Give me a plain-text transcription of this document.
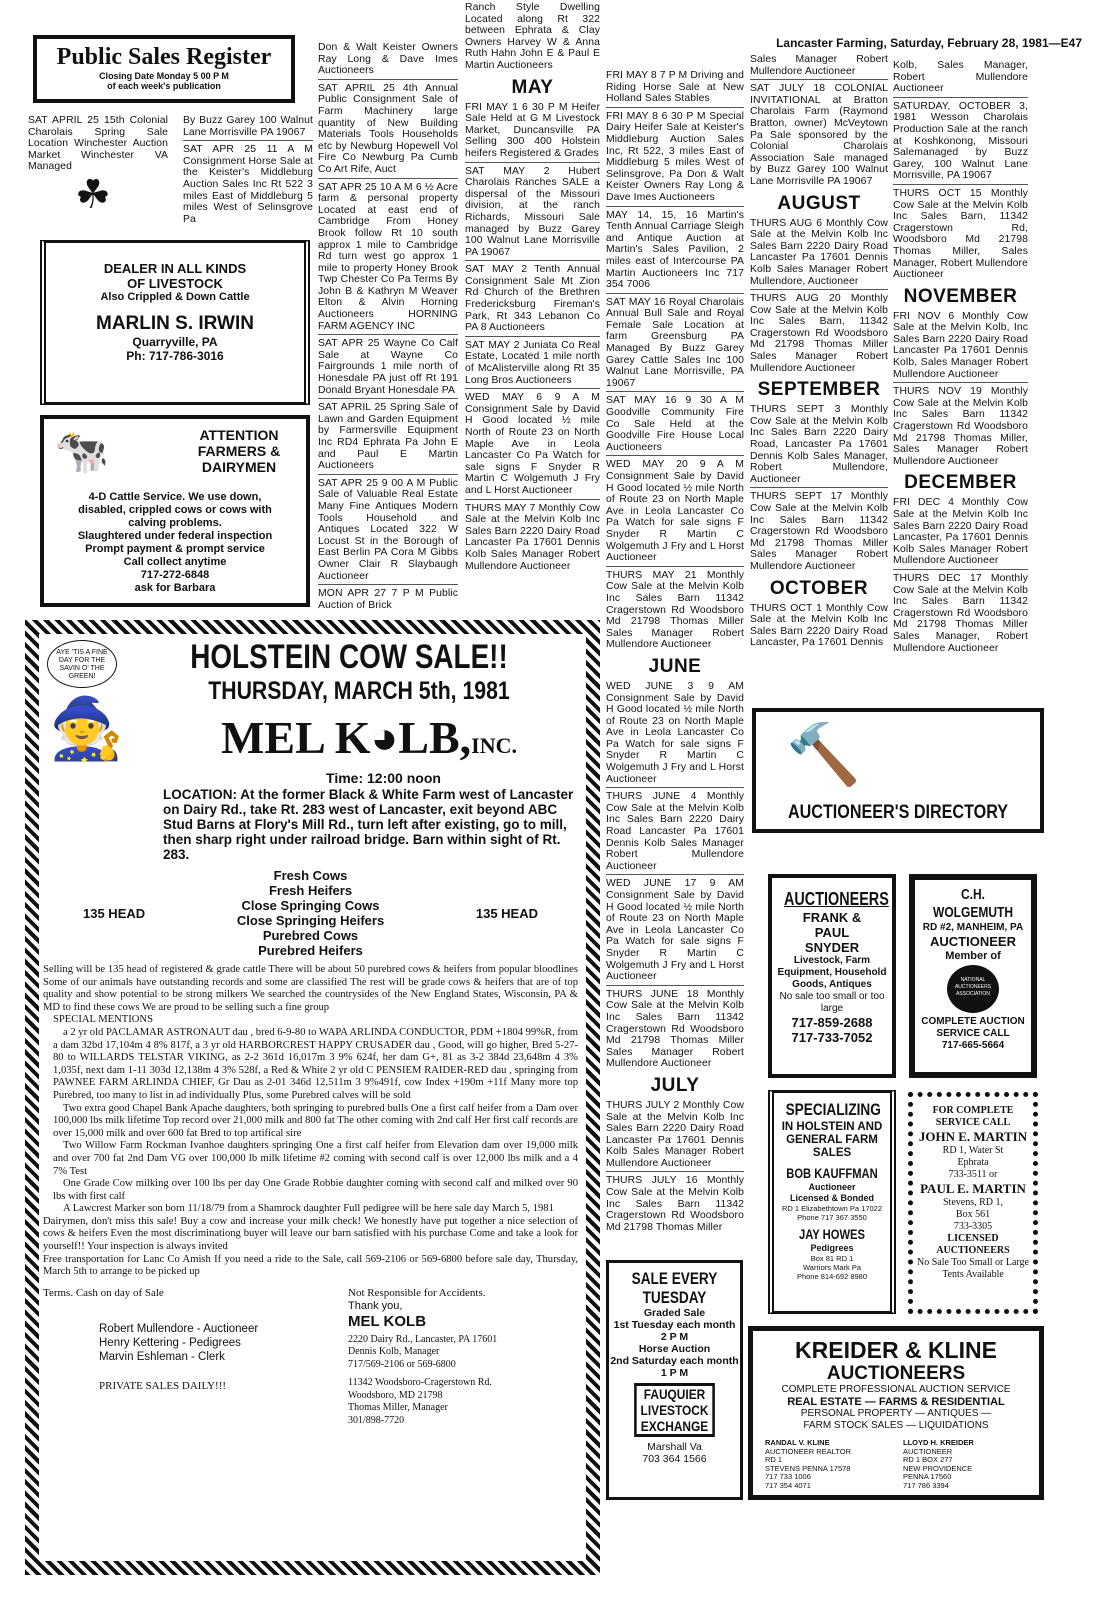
Lancaster Farming, Saturday, February 28, 1981—E47
Public Sales Register
Closing Date Monday 5 00 P M
of each week's publication

SAT APRIL 25 15th Colonial Charolais Spring Sale Location Winchester Auction Market Winchester VA Managed

By Buzz Garey 100 Walnut Lane Morrisville PA 19067

SAT APR 25 11 A M Consignment Horse Sale at the Keister's Middleburg Auction Sales Inc Rt 522 3 miles East of Middleburg 5 miles West of Selinsgrove Pa

☘
DEALER IN ALL KINDS
OF LIVESTOCK
Also Crippled & Down Cattle
MARLIN S. IRWIN
Quarryville, PA
Ph: 717-786-3016
🐄	ATTENTION
FARMERS &
DAIRYMEN
4-D Cattle Service. We use down,
disabled, crippled cows or cows with
calving problems.
Slaughtered under federal inspection
Prompt payment & prompt service
Call collect anytime
717-272-6848
ask for Barbara

Don & Walt Keister Owners Ray Long & Dave Imes Auctioneers

SAT APRIL 25 4th Annual Public Consignment Sale of Farm Machinery large quantity of New Building Materials Tools Households etc by Newburg Hopewell Vol Fire Co Newburg Pa Cumb Co Art Rife, Auct

SAT APR 25 10 A M 6 ½ Acre farm & personal property Located at east end of Cambridge From Honey Brook follow Rt 10 south approx 1 mile to Cambridge Rd turn west go approx 1 mile to property Honey Brook Twp Chester Co Pa Terms By John B & Kathryn M Weaver Elton & Alvin Horning Auctioneers HORNING FARM AGENCY INC

SAT APR 25 Wayne Co Calf Sale at Wayne Co Fairgrounds 1 mile north of Honesdale PA just off Rt 191 Donald Bryant Honesdale PA

SAT APRIL 25 Spring Sale of Lawn and Garden Equipment by Farmersville Equipment Inc RD4 Ephrata Pa John E and Paul E Martin Auctioneers

SAT APR 25 9 00 A M Public Sale of Valuable Real Estate Many Fine Antiques Modern Tools Household and Antiques Located 322 W Locust St in the Borough of East Berlin PA Cora M Gibbs Owner Clair R Slaybaugh Auctioneer

MON APR 27 7 P M Public Auction of Brick

Ranch Style Dwelling Located along Rt 322 between Ephrata & Clay Owners Harvey W & Anna Ruth Hahn John E & Paul E Martin Auctioneers

MAY

FRI MAY 1 6 30 P M Heifer Sale Held at G M Livestock Market, Duncansville PA Selling 300 400 Holstein heifers Registered & Grades

SAT MAY 2 Hubert Charolais Ranches SALE a dispersal of the Missouri division, at the ranch Richards, Missouri Sale managed by Buzz Garey 100 Walnut Lane Morrisville PA 19067

SAT MAY 2 Tenth Annual Consignment Sale Mt Zion Rd Church of the Brethren Fredericksburg Fireman's Park, Rt 343 Lebanon Co PA 8 Auctioneers

SAT MAY 2 Juniata Co Real Estate, Located 1 mile north of McAlisterville along Rt 35 Long Bros Auctioneers

WED MAY 6 9 A M Consignment Sale by David H Good located ½ mile North of Route 23 on North Maple Ave in Leola Lancaster Co Pa Watch for sale signs F Snyder R Martin C Wolgemuth J Fry and L Horst Auctioneer

THURS MAY 7 Monthly Cow Sale at the Melvin Kolb Inc Sales Barn 2220 Dairy Road Lancaster Pa 17601 Dennis Kolb Sales Manager Robert Mullendore Auctioneer

FRI MAY 8 7 P M Driving and Riding Horse Sale at New Holland Sales Stables

FRI MAY 8 6 30 P M Special Dairy Heifer Sale at Keister's Middleburg Auction Sales Inc, Rt 522, 3 miles East of Middleburg 5 miles West of Selinsgrove, Pa Don & Walt Keister Owners Ray Long & Dave Imes Auctioneers

MAY 14, 15, 16 Martin's Tenth Annual Carriage Sleigh and Antique Auction at Martin's Sales Pavilion, 2 miles east of Intercourse PA Martin Auctioneers Inc 717 354 7006

SAT MAY 16 Royal Charolais Annual Bull Sale and Royal Female Sale Location at farm Greensburg PA Managed By Buzz Garey Garey Cattle Sales Inc 100 Walnut Lane Morrisville, PA 19067

SAT MAY 16 9 30 A M Goodville Community Fire Co Sale Held at the Goodville Fire House Local Auctioneers

WED MAY 20 9 A M Consignment Sale by David H Good located ½ mile North of Route 23 on North Maple Ave in Leola Lancaster Co Pa Watch for sale signs F Snyder R Martin C Wolgemuth J Fry and L Horst Auctioneer

THURS MAY 21 Monthly Cow Sale at the Melvin Kolb Inc Sales Barn 11342 Cragerstown Rd Woodsboro Md 21798 Thomas Miller Sales Manager Robert Mullendore Auctioneer

JUNE

WED JUNE 3 9 AM Consignment Sale by David H Good located ½ mile North of Route 23 on North Maple Ave in Leola Lancaster Co Pa Watch for sale signs F Snyder R Martin C Wolgemuth J Fry and L Horst Auctioneer

THURS JUNE 4 Monthly Cow Sale at the Melvin Kolb Inc Sales Barn 2220 Dairy Road Lancaster Pa 17601 Dennis Kolb Sales Manager Robert Mullendore Auctioneer

WED JUNE 17 9 AM Consignment Sale by David H Good located ½ mile North of Route 23 on North Maple Ave in Leola Lancaster Co Pa Watch for sale signs F Snyder R Martin C Wolgemuth J Fry and L Horst Auctioneer

THURS JUNE 18 Monthly Cow Sale at the Melvin Kolb Inc Sales Barn 11342 Cragerstown Rd Woodsboro Md 21798 Thomas Miller Sales Manager Robert Mullendore Auctioneer

JULY

THURS JULY 2 Monthly Cow Sale at the Melvin Kolb Inc Sales Barn 2220 Dairy Road Lancaster Pa 17601 Dennis Kolb Sales Manager Robert Mullendore Auctioneer

THURS JULY 16 Monthly Cow Sale at the Melvin Kolb Inc Sales Barn 11342 Cragerstown Rd Woodsboro Md 21798 Thomas Miller

Sales Manager Robert Mullendore Auctioneer

SAT JULY 18 COLONIAL INVITATIONAL at Bratton Charolais Farm (Raymond Bratton, owner) McVeytown Pa Sale sponsored by the Colonial Charolais Association Sale managed by Buzz Garey 100 Walnut Lane Morrisville PA 19067

AUGUST

THURS AUG 6 Monthly Cow Sale at the Melvin Kolb Inc Sales Barn 2220 Dairy Road Lancaster Pa 17601 Dennis Kolb Sales Manager Robert Mullendore, Auctioneer

THURS AUG 20 Monthly Cow Sale at the Melvin Kolb Inc Sales Barn, 11342 Cragerstown Rd Woodsboro Md 21798 Thomas Miller Sales Manager Robert Mullendore Auctioneer

SEPTEMBER

THURS SEPT 3 Monthly Cow Sale at the Melvin Kolb Inc Sales Barn 2220 Dairy Road, Lancaster Pa 17601 Dennis Kolb Sales Manager, Robert Mullendore, Auctioneer

THURS SEPT 17 Monthly Cow Sale at the Melvin Kolb Inc Sales Barn 11342 Cragerstown Rd Woodsboro Md 21798 Thomas Miller Sales Manager Robert Mullendore Auctioneer

OCTOBER

THURS OCT 1 Monthly Cow Sale at the Melvin Kolb Inc Sales Barn 2220 Dairy Road Lancaster, Pa 17601 Dennis

Kolb, Sales Manager, Robert Mullendore Auctioneer

SATURDAY, OCTOBER 3, 1981 Wesson Charolais Production Sale at the ranch at Koshkonong, Missouri Salemanaged by Buzz Garey, 100 Walnut Lane Morrisville, PA 19067

THURS OCT 15 Monthly Cow Sale at the Melvin Kolb Inc Sales Barn, 11342 Cragerstown Rd, Woodsboro Md 21798 Thomas Miller, Sales Manager, Robert Mullendore Auctioneer

NOVEMBER

FRI NOV 6 Monthly Cow Sale at the Melvin Kolb, Inc Sales Barn 2220 Dairy Road Lancaster Pa 17601 Dennis Kolb, Sales Manager Robert Mullendore Auctioneer

THURS NOV 19 Monthly Cow Sale at the Melvin Kolb Inc Sales Barn 11342 Cragerstown Rd Woodsboro Md 21798 Thomas Miller, Sales Manager Robert Mullendore Auctioneer

DECEMBER

FRI DEC 4 Monthly Cow Sale at the Melvin Kolb Inc Sales Barn 2220 Dairy Road Lancaster, Pa 17601 Dennis Kolb Sales Manager Robert Mullendore Auctioneer

THURS DEC 17 Monthly Cow Sale at the Melvin Kolb Inc Sales Barn 11342 Cragerstown Rd Woodsboro Md 21798 Thomas Miller Sales Manager, Robert Mullendore Auctioneer

AYE 'TIS A FINE DAY FOR THE SAVIN O' THE GREEN!
🧙
HOLSTEIN COW SALE!!
THURSDAY, MARCH 5th, 1981
MEL K◕LB,INC.
Time: 12:00 noon
LOCATION: At the former Black & White Farm west of Lancaster on Dairy Rd., take Rt. 283 west of Lancaster, exit beyond ABC Stud Barns at Flory's Mill Rd., turn left after existing, go to mill, then sharp right under railroad bridge. Barn within sight of Rt. 283.
135 HEAD
Fresh Cows
Fresh Heifers
Close Springing Cows
Close Springing Heifers
Purebred Cows
Purebred Heifers
135 HEAD
Selling will be 135 head of registered & grade cattle There will be about 50 purebred cows & heifers from popular bloodlines Some of our animals have outstanding records and some are classified The rest will be grade cows & heifers that are of top quality and show potential to be strong milkers We searched the countrysides of the New England States, Wisconsin, PA & MD to find these cows We are proud to be selling such a fine group
SPECIAL MENTIONS
a 2 yr old PACLAMAR ASTRONAUT dau , bred 6-9-80 to WAPA ARLINDA CONDUCTOR, PDM +1804 99%R, from a dam 32bd 17,104m 4 8% 817f, a 3 yr old HARBORCREST HAPPY CRUSADER dau , Good, will go higher, Bred 5-27-80 to WILLARDS TELSTAR VIKING, as 2-2 361d 16,017m 3 9% 624f, her dam G+, 81 as 3-2 384d 23,648m 4 3% 1,035f, next dam 1-11 303d 12,138m 4 3% 528f, a Red & White 2 yr old C PENSIEM RAIDER-RED dau , springing from PAWNEE FARM ARLINDA CHIEF, Gr Dau as 2-01 346d 12,511m 3 9%491f, cow Index +190m +11f Many more top Purebred, too many to list in ad individually Plus, some Purebred calves will be sold
Two extra good Chapel Bank Apache daughters, both springing to purebred bulls One a first calf heifer from a Dam over 100,000 lbs milk lifetime Top record over 21,000 milk and 800 fat The other coming with 2nd calf Her first calf records are over 15,000 milk and over 600 fat Bred to top artifical sire
Two Willow Farm Rockman Ivanhoe daughters springing One a first calf heifer from Elevation dam over 19,000 milk and over 700 fat 2nd Dam VG over 100,000 lb milk lifetime #2 coming with second calf is over 12,000 lbs milk and a 4 7% Test
One Grade Cow milking over 100 lbs per day One Grade Robbie daughter coming with second calf and milked over 90 lbs with first calf
A Lawcrest Marker son born 11/18/79 from a Shamrock daughter Full pedigree will be here sale day March 5, 1981
Dairymen, don't miss this sale! Buy a cow and increase your milk check! We honestly have put together a nice selection of cows & heifers Even the most discriminationg buyer will leave our barn satisfied with his purchase Come and take a look for yourself!! Your inspection is always invited
Free transportation for Lanc Co Amish If you need a ride to the Sale, call 569-2106 or 569-6800 before sale day, Thursday, March 5th to arrange to be picked up
Terms. Cash on day of Sale
Robert Mullendore - Auctioneer
Henry Kettering - Pedigrees
Marvin Eshleman - Clerk
PRIVATE SALES DAILY!!!
Not Responsible for Accidents.
Thank you,
MEL KOLB
2220 Dairy Rd., Lancaster, PA 17601
Dennis Kolb, Manager
717/569-2106 or 569-6800
11342 Woodsboro-Cragerstown Rd.
Woodsboro, MD 21798
Thomas Miller, Manager
301/898-7720
🔨
AUCTIONEER'S DIRECTORY
AUCTIONEERS
FRANK &
PAUL
SNYDER
Livestock, Farm Equipment, Household Goods, Antiques
No sale too small or too large
717-859-2688
717-733-7052
C.H. WOLGEMUTH
RD #2, MANHEIM, PA
AUCTIONEER
Member of
NATIONAL AUCTIONEERS ASSOCIATION
COMPLETE AUCTION SERVICE CALL
717-665-5664
SPECIALIZING
IN HOLSTEIN AND GENERAL FARM SALES
BOB KAUFFMAN
Auctioneer
Licensed & Bonded
RD 1 Elizabethtown Pa 17022
Phone 717 367 3550
JAY HOWES
Pedigrees
Box 81 RD 1
Warriors Mark Pa
Phone 814-692 8980
FOR COMPLETE SERVICE CALL
JOHN E. MARTIN
RD 1, Water St
Ephrata
733-3511 or
PAUL E. MARTIN
Stevens, RD 1,
Box 561
733-3305
LICENSED AUCTIONEERS
No Sale Too Small or Large
Tents Available
SALE EVERY
TUESDAY
Graded Sale
1st Tuesday each month
2 P M
Horse Auction
2nd Saturday each month
1 P M
FAUQUIER LIVESTOCK EXCHANGE
Marshall Va
703 364 1566
KREIDER & KLINE
AUCTIONEERS
COMPLETE PROFESSIONAL AUCTION SERVICE
REAL ESTATE — FARMS & RESIDENTIAL
PERSONAL PROPERTY — ANTIQUES —
FARM STOCK SALES — LIQUIDATIONS
RANDAL V. KLINE
AUCTIONEER REALTOR
RD 1
STEVENS PENNA 17578
717 733 1006
717 354 4071
LLOYD H. KREIDER
AUCTIONEER
RD 1 BOX 277
NEW PROVIDENCE
PENNA 17560
717 786 3394
